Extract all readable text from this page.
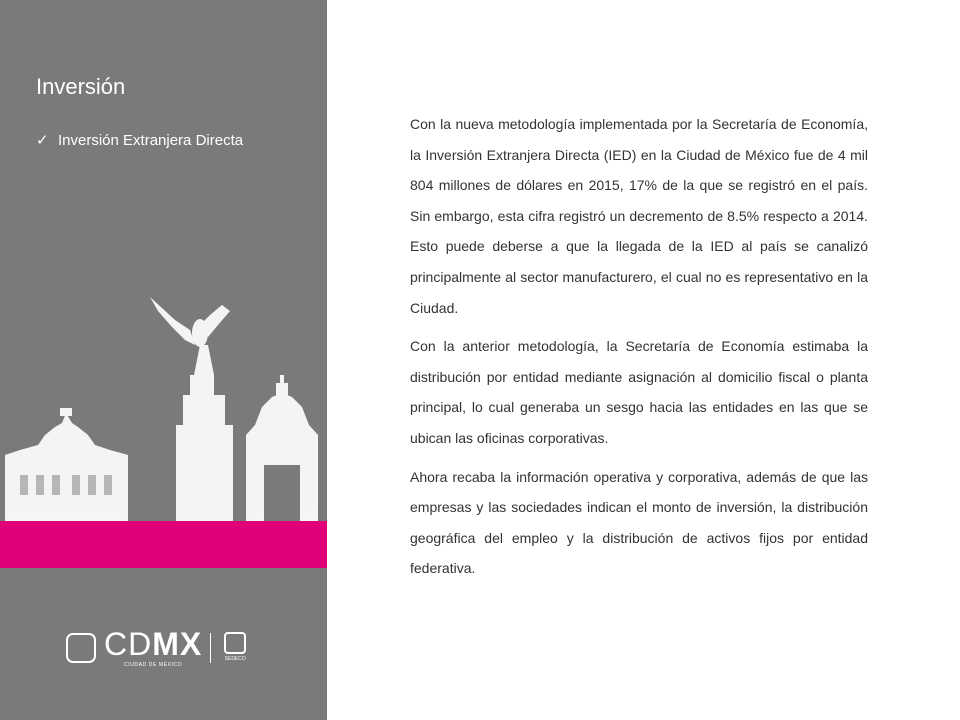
Inversión
✓ Inversión Extranjera Directa
CDMX
CIUDAD DE MÉXICO
SEDECO

Con la nueva metodología implementada por la Secretaría de Economía, la Inversión Extranjera Directa (IED) en la Ciudad de México fue de 4 mil 804 millones de dólares en 2015, 17% de la que se registró en el país. Sin embargo, esta cifra registró un decremento de 8.5% respecto a 2014. Esto puede deberse a que la llegada de la IED al país se canalizó principalmente al sector manufacturero, el cual no es representativo en la Ciudad.

Con la anterior metodología, la Secretaría de Economía estimaba la distribución por entidad mediante asignación al domicilio fiscal o planta principal, lo cual generaba un sesgo hacia las entidades en las que se ubican las oficinas corporativas.

Ahora recaba la información operativa y corporativa, además de que las empresas y las sociedades indican el monto de inversión, la distribución geográfica del empleo y la distribución de activos fijos por entidad federativa.
